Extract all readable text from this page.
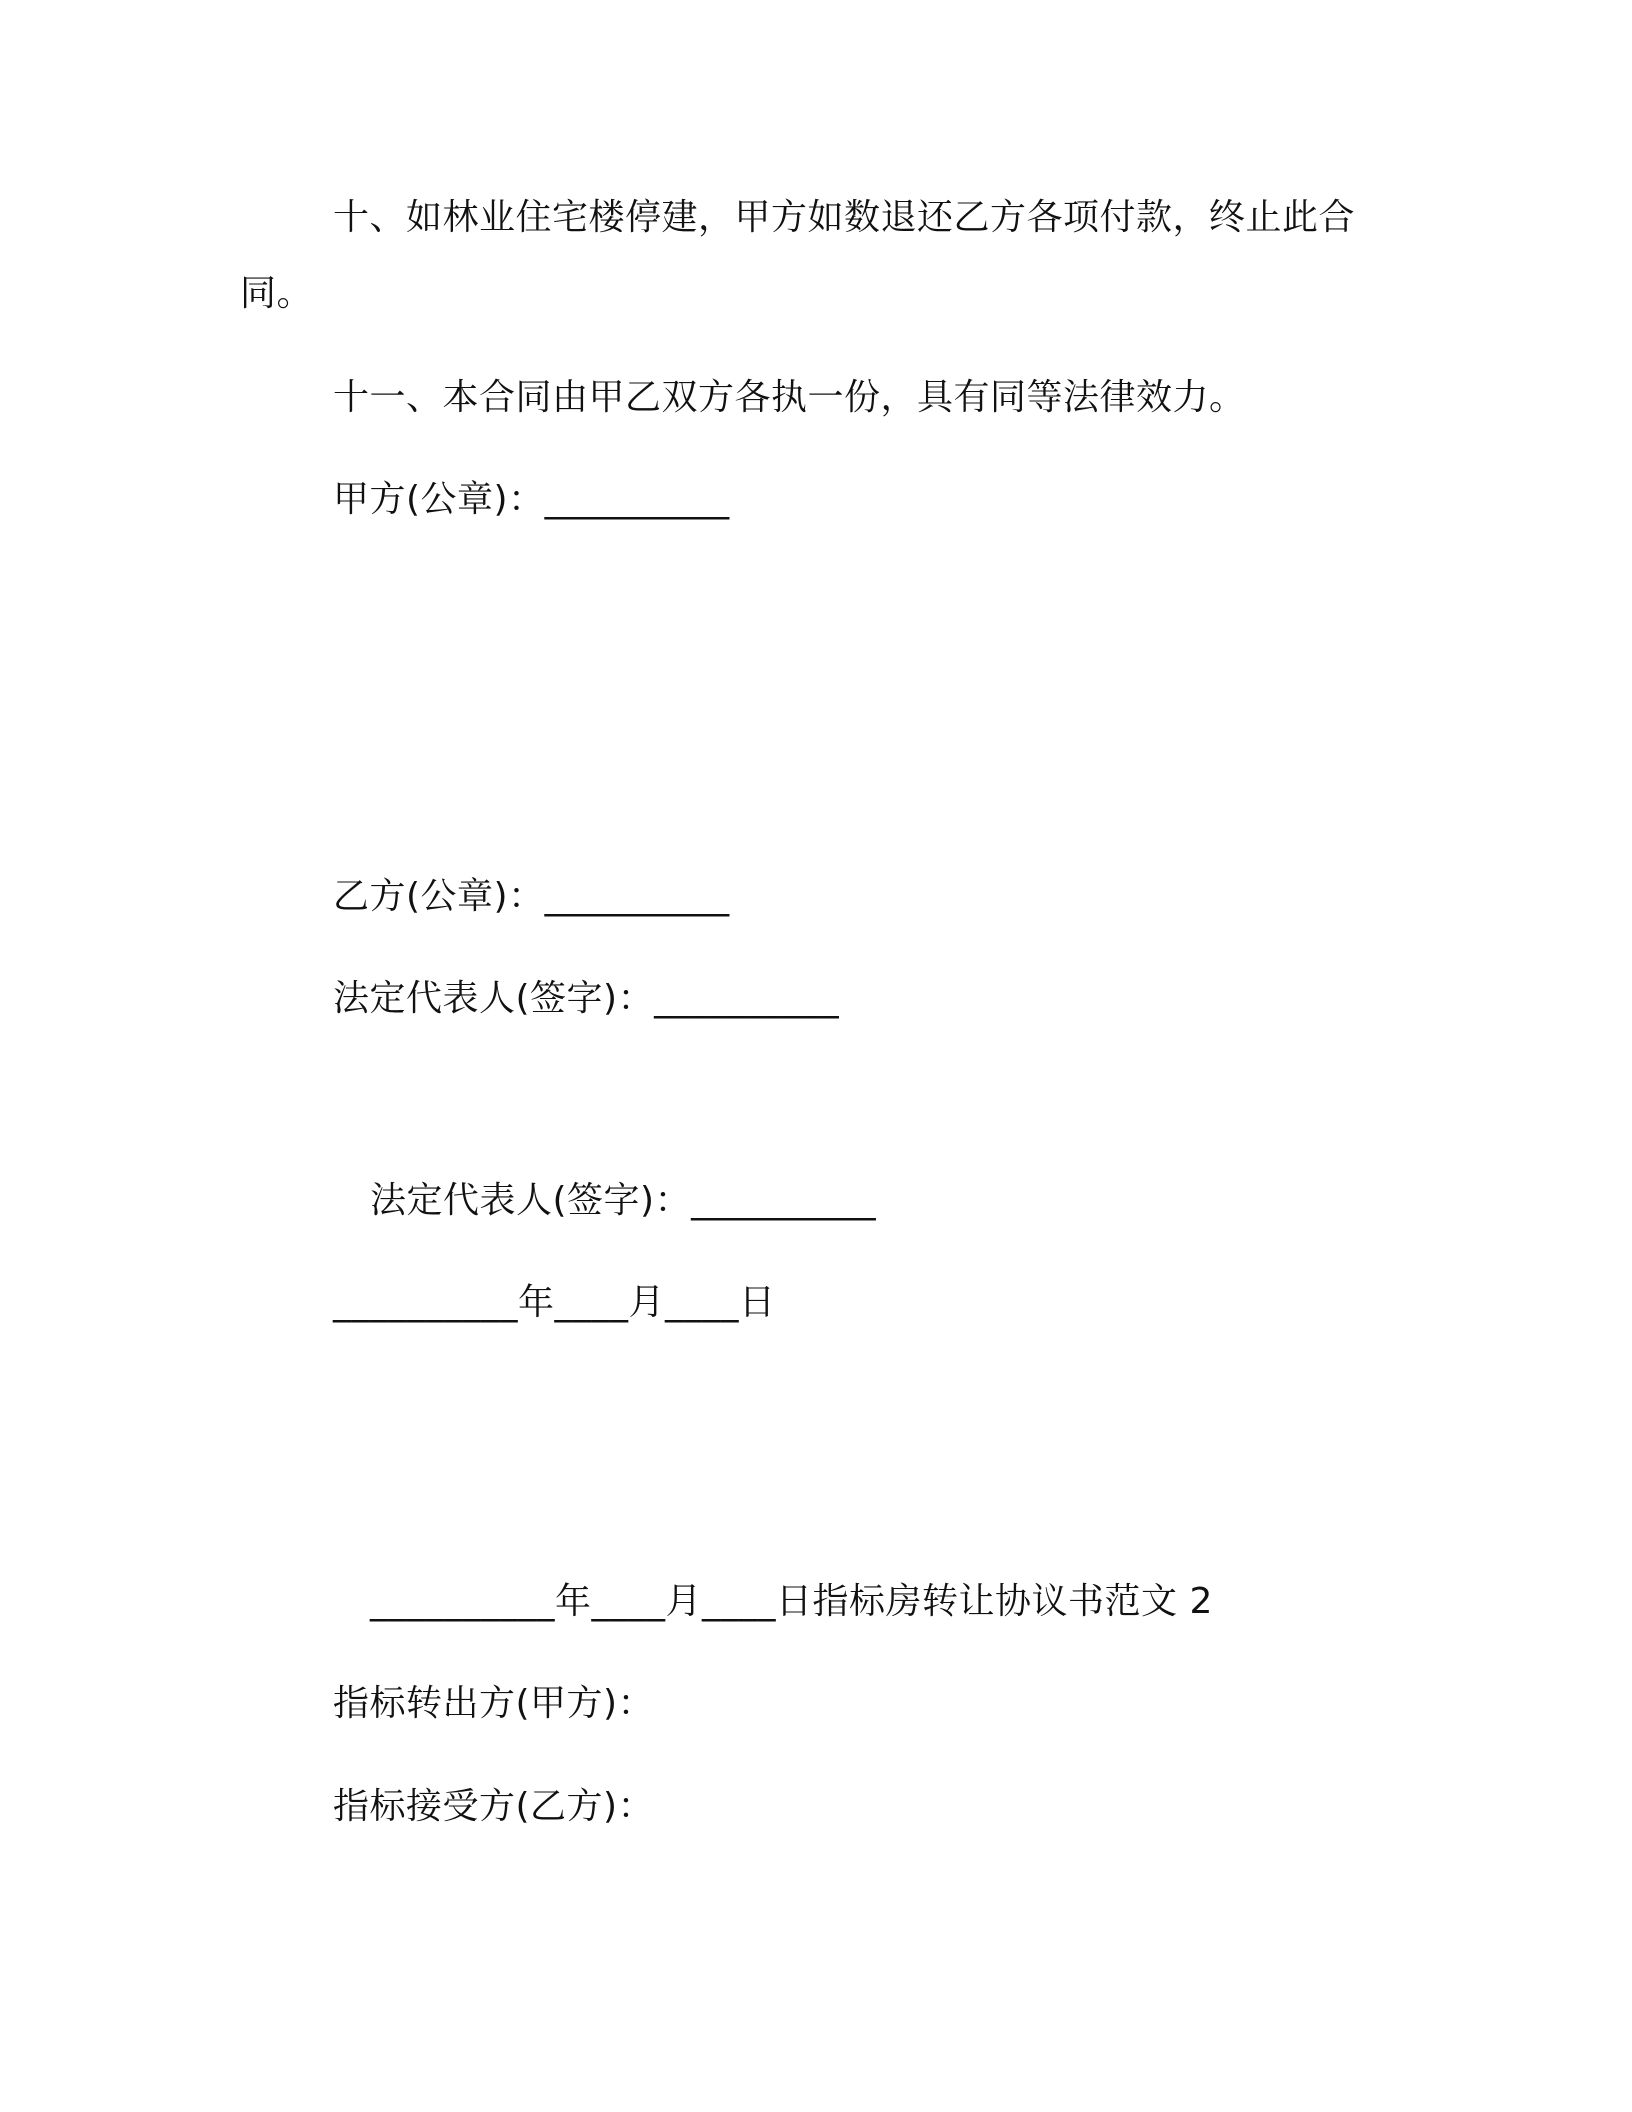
十、如林业住宅楼停建，甲方如数退还乙方各项付款，终止此合
同。
十一、本合同由甲乙双方各执一份，具有同等法律效力。
甲方(公章)：__________
乙方(公章)：__________
法定代表人(签字)：__________
法定代表人(签字)：__________
__________年____月____日
__________年____月____日指标房转让协议书范文 2
指标转出方(甲方)：
指标接受方(乙方)：
